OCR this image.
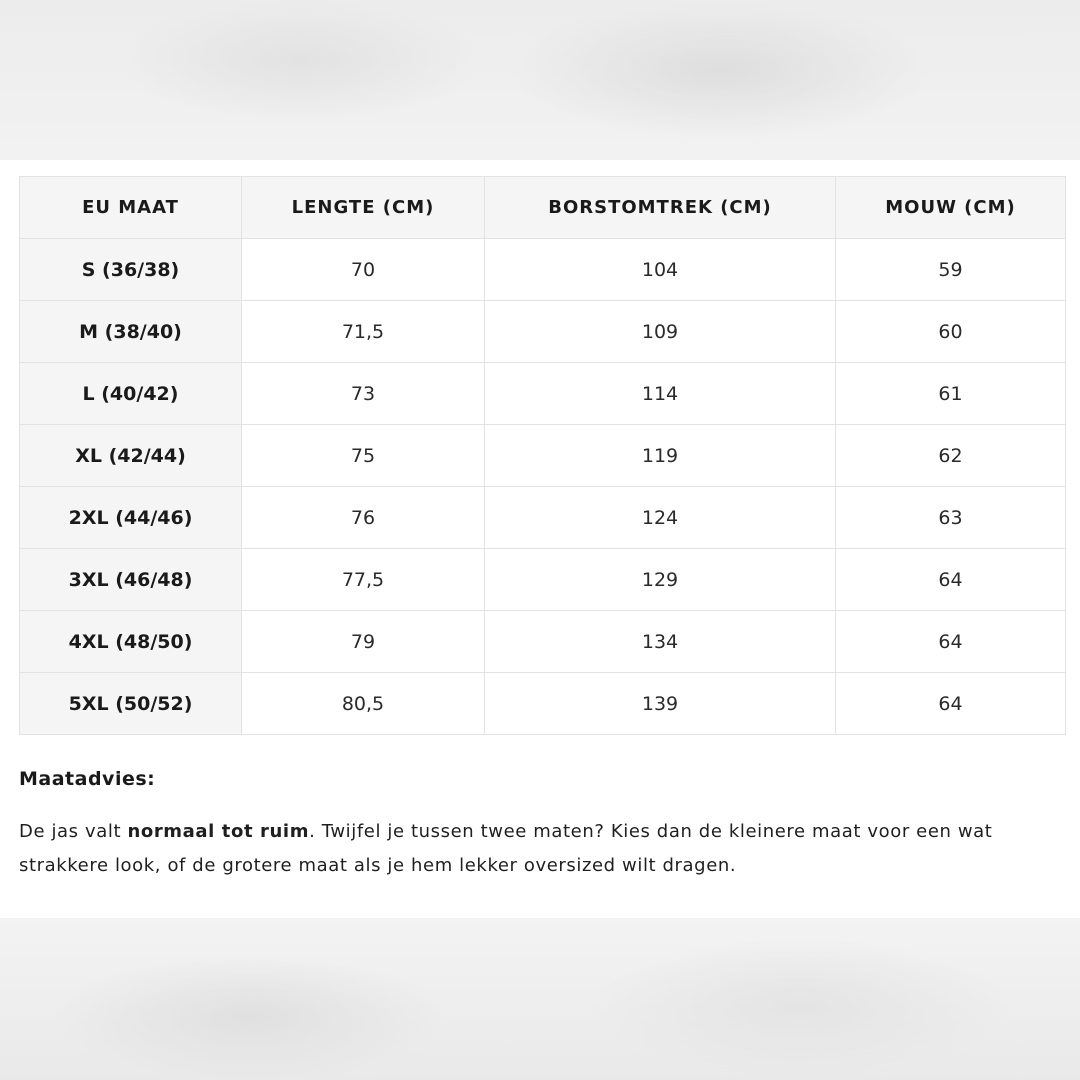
EU MAAT	LENGTE (CM)	BORSTOMTREK (CM)	MOUW (CM)
S (36/38)	70	104	59
M (38/40)	71,5	109	60
L (40/42)	73	114	61
XL (42/44)	75	119	62
2XL (44/46)	76	124	63
3XL (46/48)	77,5	129	64
4XL (48/50)	79	134	64
5XL (50/52)	80,5	139	64

Maatadvies:

De jas valt normaal tot ruim. Twijfel je tussen twee maten? Kies dan de kleinere maat voor een wat strakkere look, of de grotere maat als je hem lekker oversized wilt dragen.
